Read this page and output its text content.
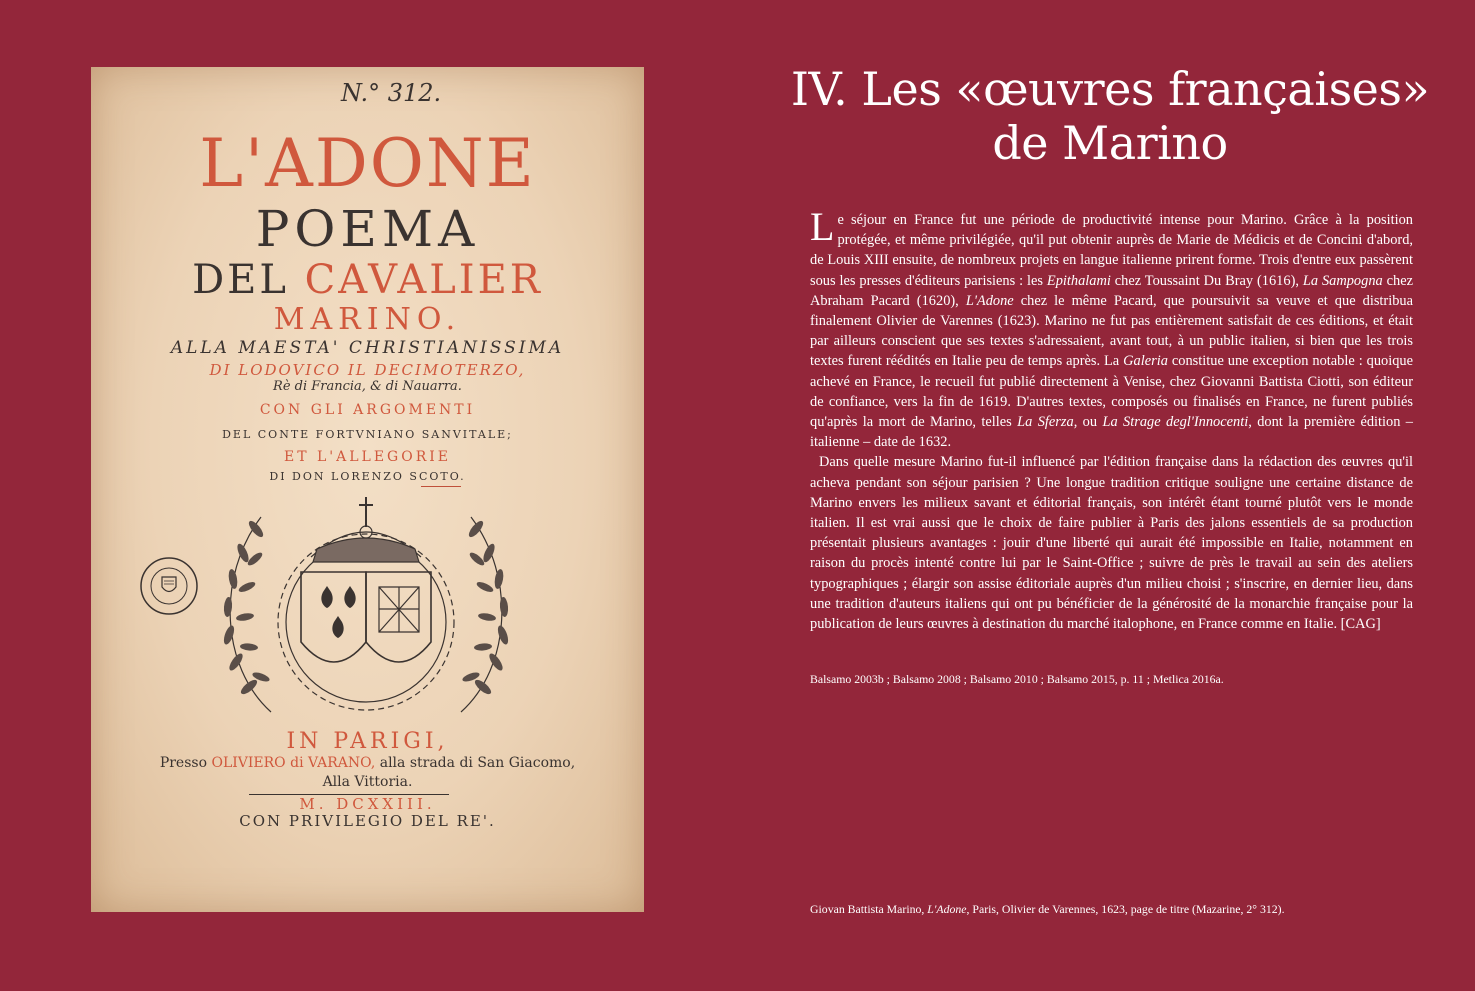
N.° 312.
L'ADONE
POEMA
DEL CAVALIER
MARINO.
ALLA MAESTA' CHRISTIANISSIMA
DI LODOVICO IL DECIMOTERZO,
Rè di Francia, & di Nauarra.
CON GLI ARGOMENTI
DEL CONTE FORTVNIANO SANVITALE;
ET L'ALLEGORIE
DI DON LORENZO SCOTO.
IN PARIGI,
Presso OLIVIERO di VARANO, alla strada di San Giacomo,
Alla Vittoria.
M. DCXXIII.
CON PRIVILEGIO DEL RE'.
IV. Les «œuvres françaises»
de Marino

Le séjour en France fut une période de productivité intense pour Marino. Grâce à la position protégée, et même privilégiée, qu'il put obtenir auprès de Marie de Médicis et de Concini d'abord, de Louis XIII ensuite, de nombreux projets en langue italienne prirent forme. Trois d'entre eux passèrent sous les presses d'éditeurs parisiens : les Epithalami chez Toussaint Du Bray (1616), La Sampogna chez Abraham Pacard (1620), L'Adone chez le même Pacard, que poursuivit sa veuve et que distribua finalement Olivier de Varennes (1623). Marino ne fut pas entièrement satisfait de ces éditions, et était par ailleurs conscient que ses textes s'adressaient, avant tout, à un public italien, si bien que les trois textes furent réédités en Italie peu de temps après. La Galeria constitue une exception notable : quoique achevé en France, le recueil fut publié directement à Venise, chez Giovanni Battista Ciotti, son éditeur de confiance, vers la fin de 1619. D'autres textes, composés ou finalisés en France, ne furent publiés qu'après la mort de Marino, telles La Sferza, ou La Strage degl'Innocenti, dont la première édition – italienne – date de 1632.

Dans quelle mesure Marino fut-il influencé par l'édition française dans la rédaction des œuvres qu'il acheva pendant son séjour parisien ? Une longue tradition critique souligne une certaine distance de Marino envers les milieux savant et éditorial français, son intérêt étant tourné plutôt vers le monde italien. Il est vrai aussi que le choix de faire publier à Paris des jalons essentiels de sa production présentait plusieurs avantages : jouir d'une liberté qui aurait été impossible en Italie, notamment en raison du procès intenté contre lui par le Saint-Office ; suivre de près le travail au sein des ateliers typographiques ; élargir son assise éditoriale auprès d'un milieu choisi ; s'inscrire, en dernier lieu, dans une tradition d'auteurs italiens qui ont pu bénéficier de la générosité de la monarchie française pour la publication de leurs œuvres à destination du marché italophone, en France comme en Italie. [CAG]

Balsamo 2003b ; Balsamo 2008 ; Balsamo 2010 ; Balsamo 2015, p. 11 ; Metlica 2016a.
Giovan Battista Marino, L'Adone, Paris, Olivier de Varennes, 1623, page de titre (Mazarine, 2° 312).
